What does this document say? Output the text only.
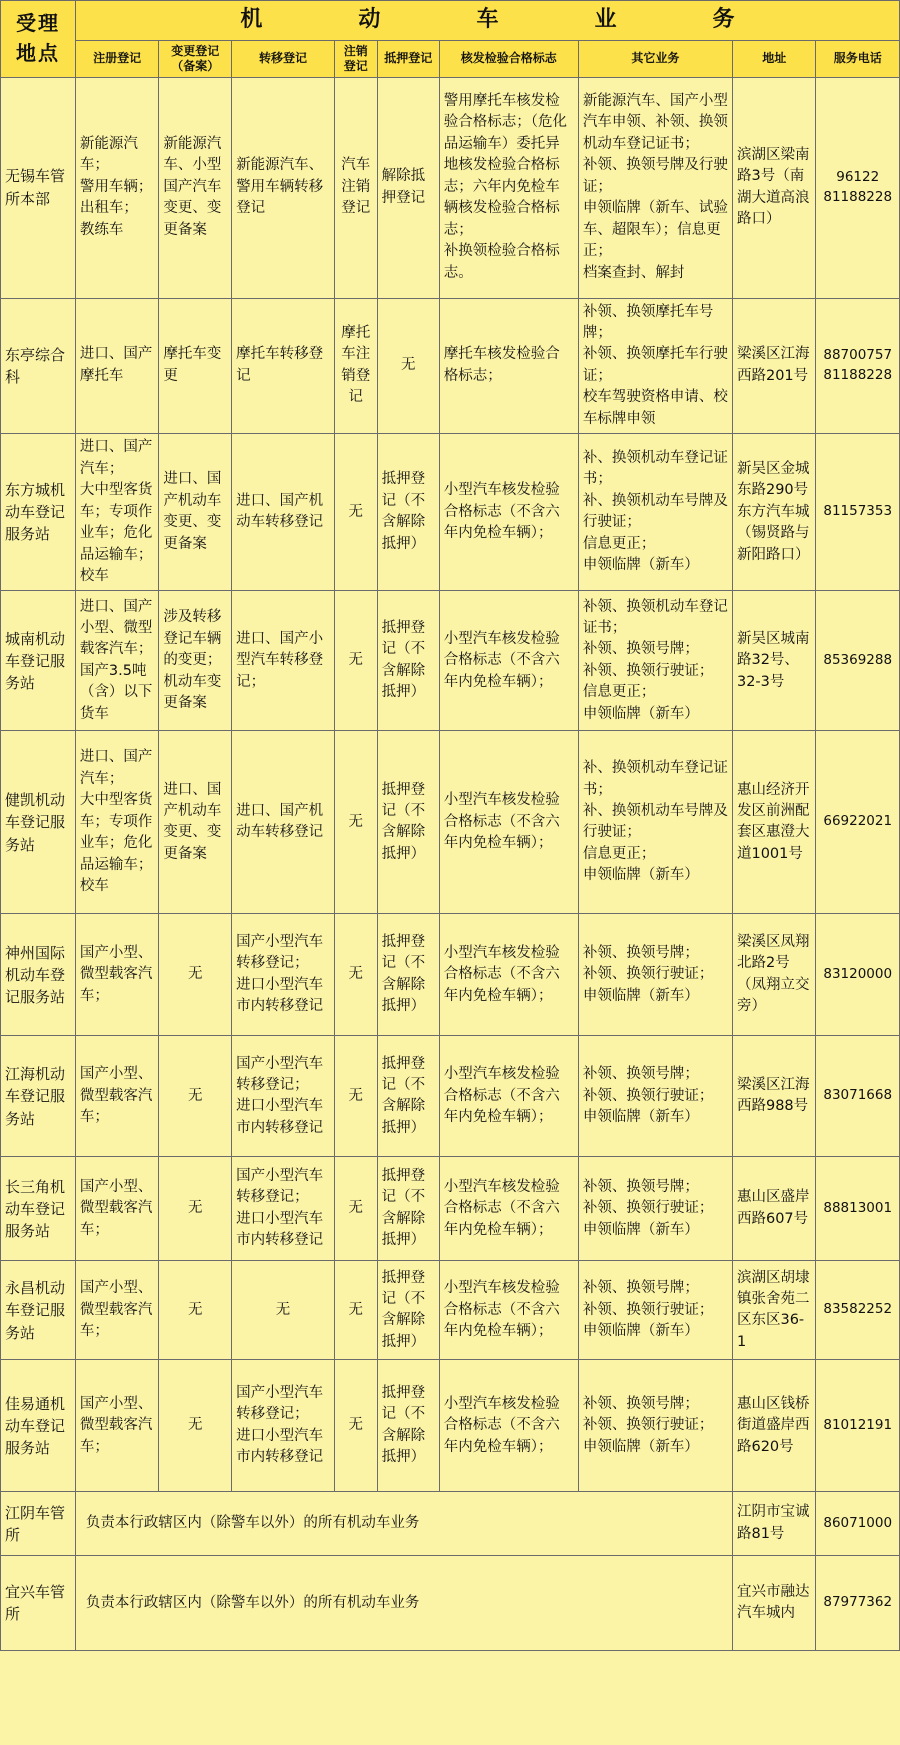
受理地点	机 动 车 业 务								
	注册登记	变更登记（备案）	转移登记	注销登记	抵押登记	核发检验合格标志	其它业务	地址	服务电话

无锡车管所本部	新能源汽车；
警用车辆；
出租车；
教练车	新能源汽车、小型国产汽车变更、变更备案	新能源汽车、警用车辆转移登记	汽车注销登记	解除抵押登记	警用摩托车核发检验合格标志；（危化品运输车）委托异地核发检验合格标志；六年内免检车辆核发检验合格标志；
补换领检验合格标志。	新能源汽车、国产小型汽车申领、补领、换领机动车登记证书；
补领、换领号牌及行驶证；
申领临牌（新车、试验车、超限车）；信息更正；
档案查封、解封	滨湖区梁南路3号（南湖大道高浪路口）	96122
81188228

东亭综合科	进口、国产摩托车	摩托车变更	摩托车转移登记	摩托车注销登记	无	摩托车核发检验合格标志；	补领、换领摩托车号牌；
补领、换领摩托车行驶证；
校车驾驶资格申请、校车标牌申领	梁溪区江海西路201号	88700757
81188228

东方城机动车登记服务站	进口、国产汽车；
大中型客货车；专项作业车；危化品运输车；校车	进口、国产机动车变更、变更备案	进口、国产机动车转移登记	无	抵押登记（不含解除抵押）	小型汽车核发检验合格标志（不含六年内免检车辆）；	补、换领机动车登记证书；
补、换领机动车号牌及行驶证；
信息更正；
申领临牌（新车）	新吴区金城东路290号东方汽车城（锡贤路与新阳路口）	81157353

城南机动车登记服务站	进口、国产小型、微型载客汽车；
国产3.5吨（含）以下货车	涉及转移登记车辆的变更；机动车变更备案	进口、国产小型汽车转移登记；	无	抵押登记（不含解除抵押）	小型汽车核发检验合格标志（不含六年内免检车辆）；	补领、换领机动车登记证书；
补领、换领号牌；
补领、换领行驶证；
信息更正；
申领临牌（新车）	新吴区城南路32号、32-3号	85369288

健凯机动车登记服务站	进口、国产汽车；
大中型客货车；专项作业车；危化品运输车；校车	进口、国产机动车变更、变更备案	进口、国产机动车转移登记	无	抵押登记（不含解除抵押）	小型汽车核发检验合格标志（不含六年内免检车辆）；	补、换领机动车登记证书；
补、换领机动车号牌及行驶证；
信息更正；
申领临牌（新车）	惠山经济开发区前洲配套区惠澄大道1001号	66922021

神州国际机动车登记服务站	国产小型、微型载客汽车；	无	国产小型汽车转移登记；
进口小型汽车市内转移登记	无	抵押登记（不含解除抵押）	小型汽车核发检验合格标志（不含六年内免检车辆）；	补领、换领号牌；
补领、换领行驶证；
申领临牌（新车）	梁溪区凤翔北路2号（凤翔立交旁）	83120000

江海机动车登记服务站	国产小型、微型载客汽车；	无	国产小型汽车转移登记；
进口小型汽车市内转移登记	无	抵押登记（不含解除抵押）	小型汽车核发检验合格标志（不含六年内免检车辆）；	补领、换领号牌；
补领、换领行驶证；
申领临牌（新车）	梁溪区江海西路988号	83071668

长三角机动车登记服务站	国产小型、微型载客汽车；	无	国产小型汽车转移登记；
进口小型汽车市内转移登记	无	抵押登记（不含解除抵押）	小型汽车核发检验合格标志（不含六年内免检车辆）；	补领、换领号牌；
补领、换领行驶证；
申领临牌（新车）	惠山区盛岸西路607号	88813001

永昌机动车登记服务站	国产小型、微型载客汽车；	无	无	无	抵押登记（不含解除抵押）	小型汽车核发检验合格标志（不含六年内免检车辆）；	补领、换领号牌；
补领、换领行驶证；
申领临牌（新车）	滨湖区胡埭镇张舍苑二区东区36-1	83582252

佳易通机动车登记服务站	国产小型、微型载客汽车；	无	国产小型汽车转移登记；
进口小型汽车市内转移登记	无	抵押登记（不含解除抵押）	小型汽车核发检验合格标志（不含六年内免检车辆）；	补领、换领号牌；
补领、换领行驶证；
申领临牌（新车）	惠山区钱桥街道盛岸西路620号	81012191

江阴车管所	负责本行政辖区内（除警车以外）的所有机动车业务							江阴市宝诚路81号	86071000

宜兴车管所	负责本行政辖区内（除警车以外）的所有机动车业务							宜兴市融达汽车城内	87977362
